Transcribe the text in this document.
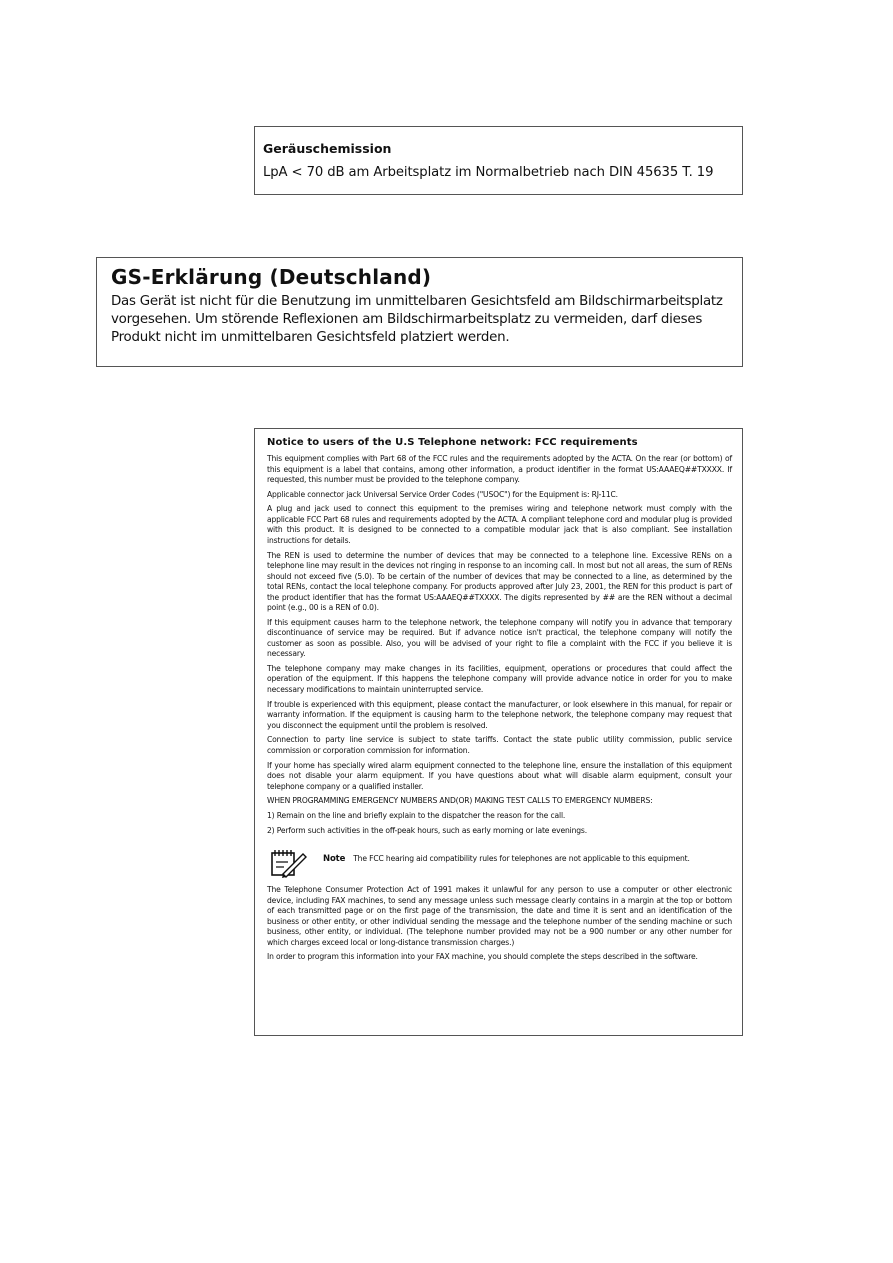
Geräuschemission
LpA < 70 dB am Arbeitsplatz im Normalbetrieb nach DIN 45635 T. 19
GS-Erklärung (Deutschland)
Das Gerät ist nicht für die Benutzung im unmittelbaren Gesichtsfeld am Bildschirmarbeitsplatz vorgesehen. Um störende Reflexionen am Bildschirmarbeitsplatz zu vermeiden, darf dieses Produkt nicht im unmittelbaren Gesichtsfeld platziert werden.
Notice to users of the U.S Telephone network: FCC requirements

This equipment complies with Part 68 of the FCC rules and the requirements adopted by the ACTA. On the rear (or bottom) of this equipment is a label that contains, among other information, a product identifier in the format US:AAAEQ##TXXXX. If requested, this number must be provided to the telephone company.

Applicable connector jack Universal Service Order Codes ("USOC") for the Equipment is: RJ-11C.

A plug and jack used to connect this equipment to the premises wiring and telephone network must comply with the applicable FCC Part 68 rules and requirements adopted by the ACTA. A compliant telephone cord and modular plug is provided with this product. It is designed to be connected to a compatible modular jack that is also compliant. See installation instructions for details.

The REN is used to determine the number of devices that may be connected to a telephone line. Excessive RENs on a telephone line may result in the devices not ringing in response to an incoming call. In most but not all areas, the sum of RENs should not exceed five (5.0). To be certain of the number of devices that may be connected to a line, as determined by the total RENs, contact the local telephone company. For products approved after July 23, 2001, the REN for this product is part of the product identifier that has the format US:AAAEQ##TXXXX. The digits represented by ## are the REN without a decimal point (e.g., 00 is a REN of 0.0).

If this equipment causes harm to the telephone network, the telephone company will notify you in advance that temporary discontinuance of service may be required. But if advance notice isn't practical, the telephone company will notify the customer as soon as possible. Also, you will be advised of your right to file a complaint with the FCC if you believe it is necessary.

The telephone company may make changes in its facilities, equipment, operations or procedures that could affect the operation of the equipment. If this happens the telephone company will provide advance notice in order for you to make necessary modifications to maintain uninterrupted service.

If trouble is experienced with this equipment, please contact the manufacturer, or look elsewhere in this manual, for repair or warranty information. If the equipment is causing harm to the telephone network, the telephone company may request that you disconnect the equipment until the problem is resolved.

Connection to party line service is subject to state tariffs. Contact the state public utility commission, public service commission or corporation commission for information.

If your home has specially wired alarm equipment connected to the telephone line, ensure the installation of this equipment does not disable your alarm equipment. If you have questions about what will disable alarm equipment, consult your telephone company or a qualified installer.

WHEN PROGRAMMING EMERGENCY NUMBERS AND(OR) MAKING TEST CALLS TO EMERGENCY NUMBERS:

1) Remain on the line and briefly explain to the dispatcher the reason for the call.

2) Perform such activities in the off-peak hours, such as early morning or late evenings.

Note The FCC hearing aid compatibility rules for telephones are not applicable to this equipment.

The Telephone Consumer Protection Act of 1991 makes it unlawful for any person to use a computer or other electronic device, including FAX machines, to send any message unless such message clearly contains in a margin at the top or bottom of each transmitted page or on the first page of the transmission, the date and time it is sent and an identification of the business or other entity, or other individual sending the message and the telephone number of the sending machine or such business, other entity, or individual. (The telephone number provided may not be a 900 number or any other number for which charges exceed local or long-distance transmission charges.)

In order to program this information into your FAX machine, you should complete the steps described in the software.
